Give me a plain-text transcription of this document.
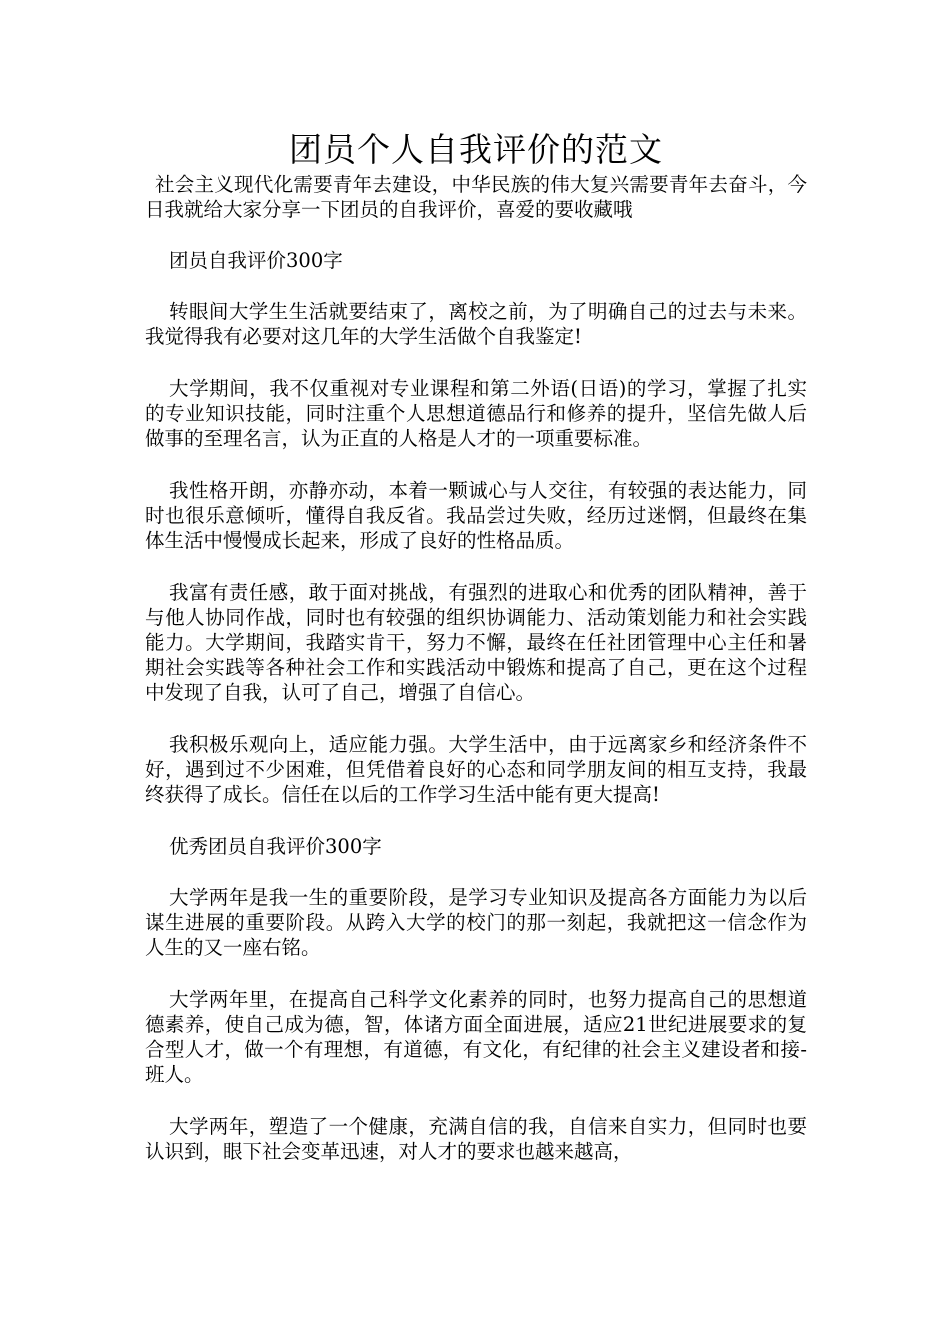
团员个人自我评价的范文

社会主义现代化需要青年去建设，中华民族的伟大复兴需要青年去奋斗，今日我就给大家分享一下团员的自我评价，喜爱的要收藏哦

团员自我评价300字

转眼间大学生生活就要结束了，离校之前，为了明确自己的过去与未来。我觉得我有必要对这几年的大学生活做个自我鉴定!

大学期间，我不仅重视对专业课程和第二外语(日语)的学习，掌握了扎实的专业知识技能，同时注重个人思想道德品行和修养的提升，坚信先做人后做事的至理名言，认为正直的人格是人才的一项重要标准。

我性格开朗，亦静亦动，本着一颗诚心与人交往，有较强的表达能力，同时也很乐意倾听，懂得自我反省。我品尝过失败，经历过迷惘，但最终在集体生活中慢慢成长起来，形成了良好的性格品质。

我富有责任感，敢于面对挑战，有强烈的进取心和优秀的团队精神，善于与他人协同作战，同时也有较强的组织协调能力、活动策划能力和社会实践能力。大学期间，我踏实肯干，努力不懈，最终在任社团管理中心主任和暑期社会实践等各种社会工作和实践活动中锻炼和提高了自己，更在这个过程中发现了自我，认可了自己，增强了自信心。

我积极乐观向上，适应能力强。大学生活中，由于远离家乡和经济条件不好，遇到过不少困难，但凭借着良好的心态和同学朋友间的相互支持，我最终获得了成长。信任在以后的工作学习生活中能有更大提高!

优秀团员自我评价300字

大学两年是我一生的重要阶段，是学习专业知识及提高各方面能力为以后谋生进展的重要阶段。从跨入大学的校门的那一刻起，我就把这一信念作为人生的又一座右铭。

大学两年里，在提高自己科学文化素养的同时，也努力提高自己的思想道德素养，使自己成为德，智，体诸方面全面进展，适应21世纪进展要求的复合型人才，做一个有理想，有道德，有文化，有纪律的社会主义建设者和接-班人。

大学两年，塑造了一个健康，充满自信的我，自信来自实力，但同时也要认识到，眼下社会变革迅速，对人才的要求也越来越高，
